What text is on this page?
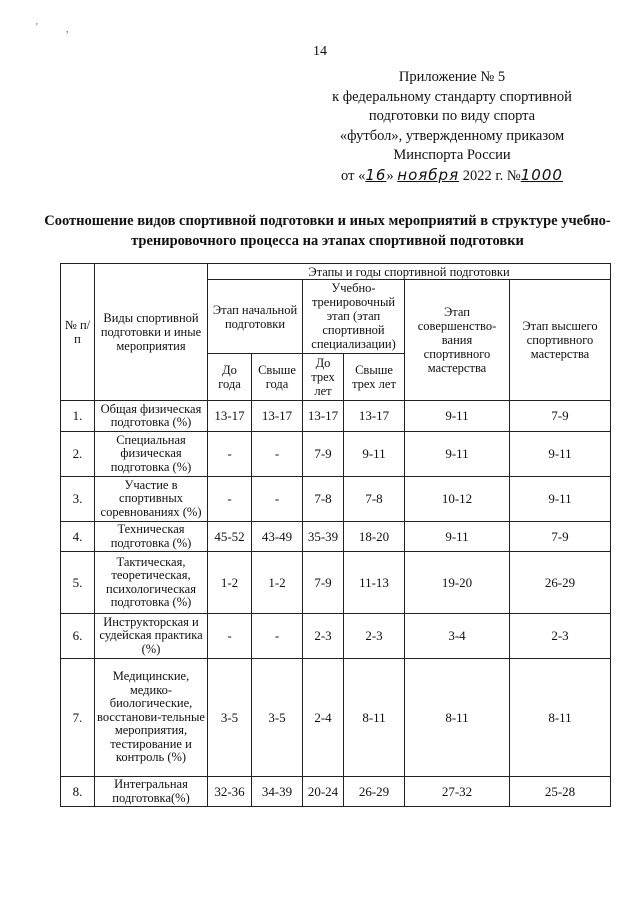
'	,
14
Приложение № 5
к федеральному стандарту спортивной
подготовки по виду спорта
«футбол», утвержденному приказом
Минспорта России
от «16» ноября 2022 г. №1000
Соотношение видов спортивной подготовки и иных мероприятий в структуре учебно-тренировочного процесса на этапах спортивной подготовки
№ п/п	Виды спортивной подготовки и иные мероприятия	Этапы и годы спортивной подготовки					
		Этап начальной подготовки		Учебно-тренировочный этап (этап спортивной специализации)		Этап совершенство-вания спортивного мастерства	Этап высшего спортивного мастерства
		До года	Свыше года	До трех лет	Свыше трех лет		
1.	Общая физическая подготовка (%)	13-17	13-17	13-17	13-17	9-11	7-9
2.	Специальная физическая подготовка (%)	-	-	7-9	9-11	9-11	9-11
3.	Участие в спортивных соревнованиях (%)	-	-	7-8	7-8	10-12	9-11
4.	Техническая подготовка (%)	45-52	43-49	35-39	18-20	9-11	7-9
5.	Тактическая, теоретическая, психологическая подготовка (%)	1-2	1-2	7-9	11-13	19-20	26-29
6.	Инструкторская и судейская практика (%)	-	-	2-3	2-3	3-4	2-3
7.	Медицинские, медико-биологические, восстанови-тельные мероприятия, тестирование и контроль (%)	3-5	3-5	2-4	8-11	8-11	8-11
8.	Интегральная подготовка(%)	32-36	34-39	20-24	26-29	27-32	25-28
